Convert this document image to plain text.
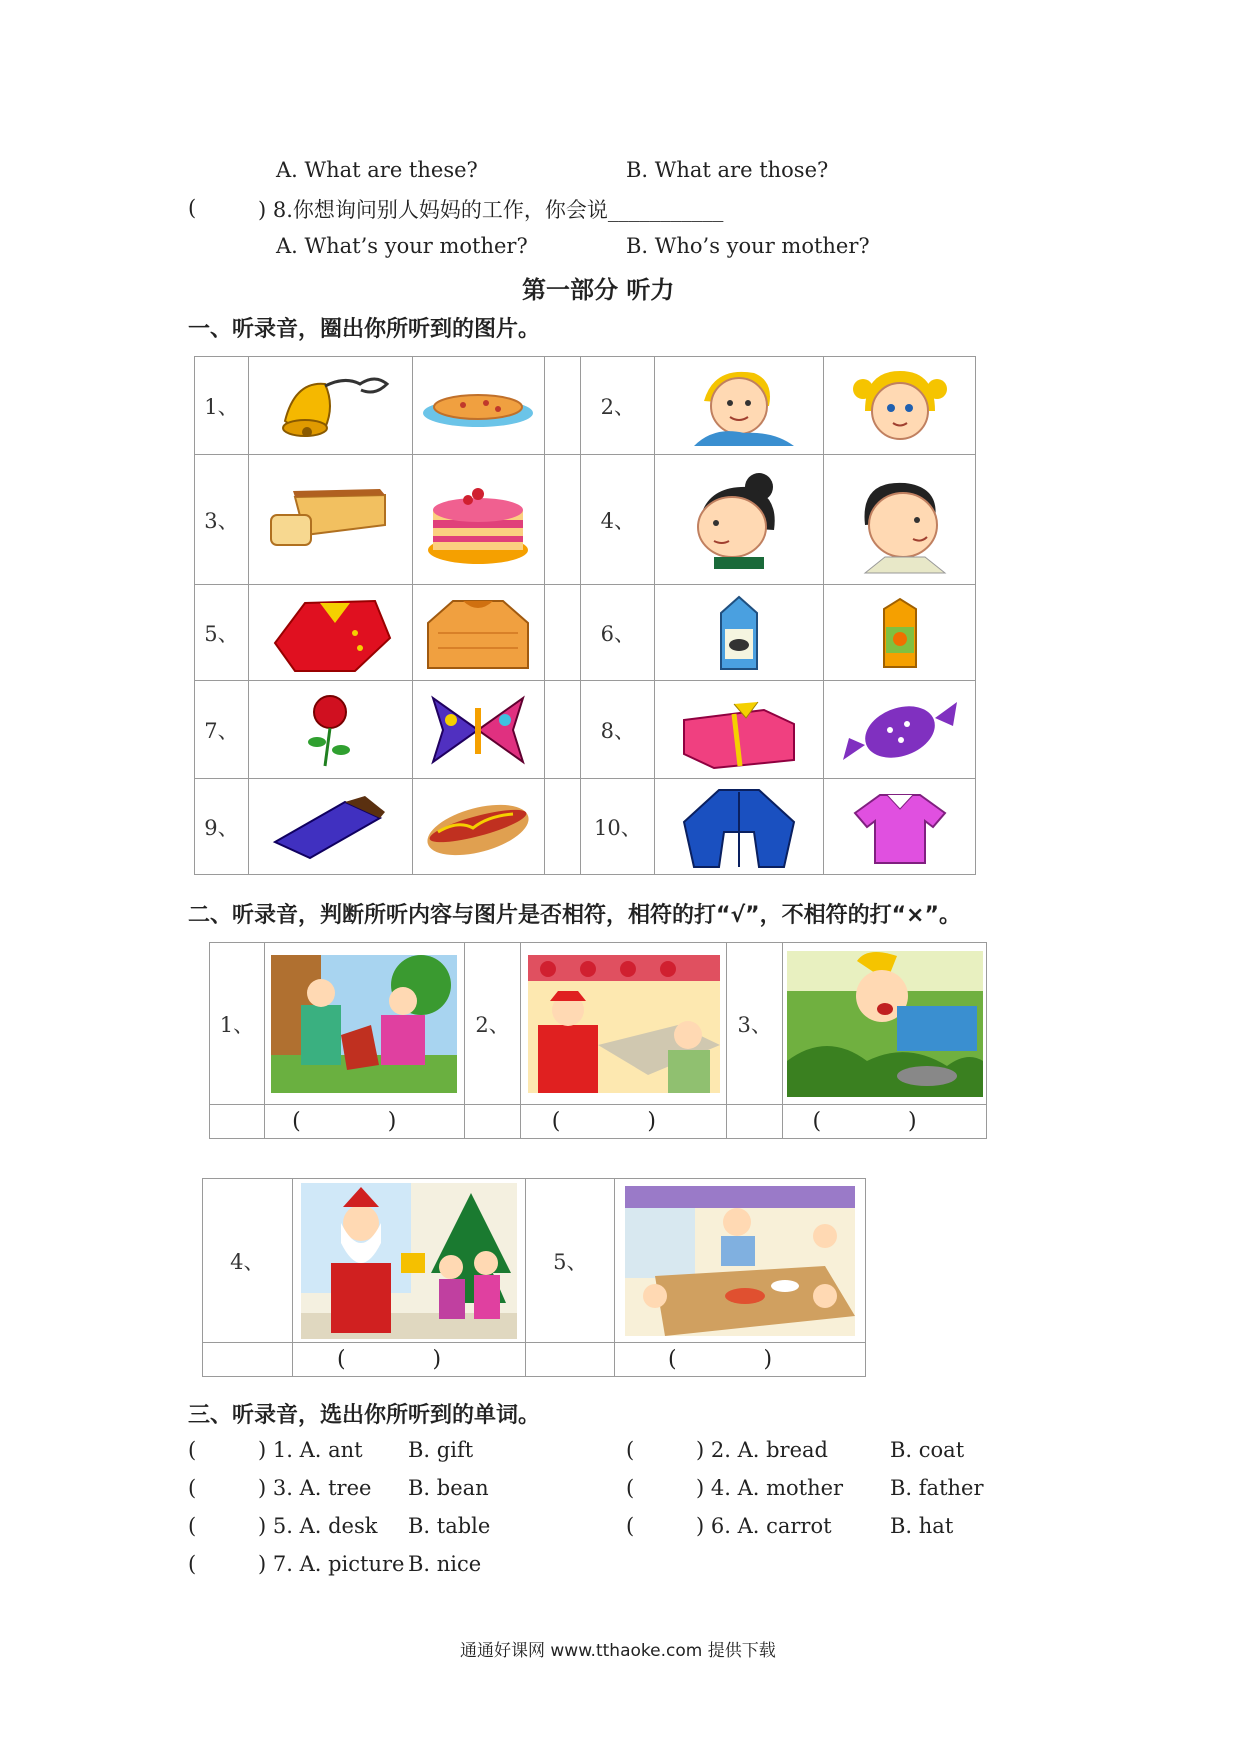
A. What are these?	B. What are those?
(	) 8.你想询问别人妈妈的工作，你会说___________
A. What’s your mother?	B. Who’s your mother?
第一部分 听力
一、听录音，圈出你所听到的图片。
1、				2、	

3、				4、	

5、				6、	

7、				8、	

9、				10、	

二、听录音，判断所听内容与图片是否相符，相符的打“√”，不相符的打“×”。
1、		2、		3、	

	( )		( )		( )
4、		5、	

	( )		( )
三、听录音，选出你所听到的单词。
(	) 1. A. ant B. gift	(	) 2. A. bread	B. coat
(	) 3. A. tree B. bean	(	) 4. A. mother B. father
(	) 5. A. desk B. table	(	) 6. A. carrot	B. hat
(	) 7. A. picture B. nice
通通好课网 www.tthaoke.com 提供下载
